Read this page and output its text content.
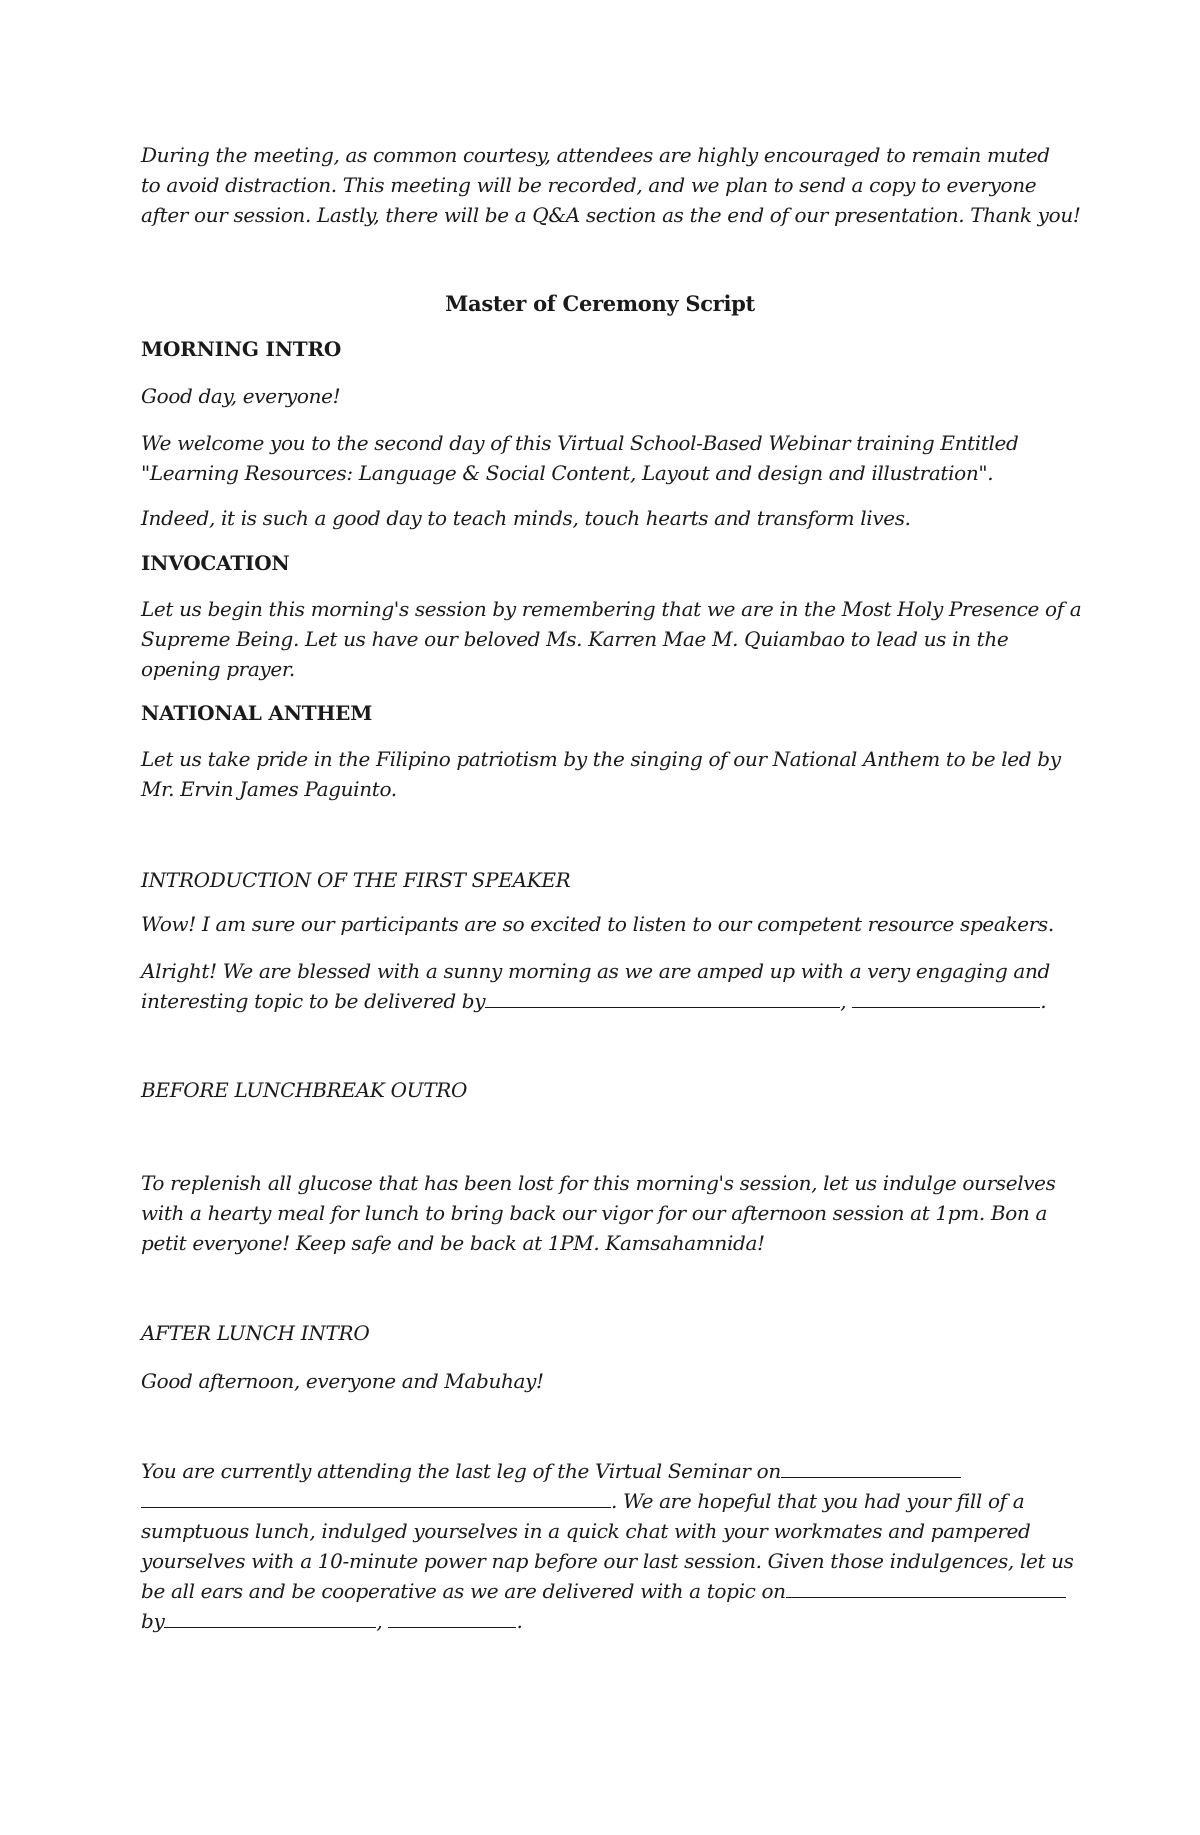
During the meeting, as common courtesy, attendees are highly encouraged to remain muted
to avoid distraction. This meeting will be recorded, and we plan to send a copy to everyone
after our session. Lastly, there will be a Q&A section as the end of our presentation. Thank you!
Master of Ceremony Script
MORNING INTRO
Good day, everyone!
We welcome you to the second day of this Virtual School-Based Webinar training Entitled
"Learning Resources: Language & Social Content, Layout and design and illustration".
Indeed, it is such a good day to teach minds, touch hearts and transform lives.
INVOCATION
Let us begin this morning's session by remembering that we are in the Most Holy Presence of a
Supreme Being. Let us have our beloved Ms. Karren Mae M. Quiambao to lead us in the
opening prayer.
NATIONAL ANTHEM
Let us take pride in the Filipino patriotism by the singing of our National Anthem to be led by
Mr. Ervin James Paguinto.
INTRODUCTION OF THE FIRST SPEAKER
Wow! I am sure our participants are so excited to listen to our competent resource speakers.
Alright! We are blessed with a sunny morning as we are amped up with a very engaging and
interesting topic to be delivered by	,	.
BEFORE LUNCHBREAK OUTRO
To replenish all glucose that has been lost for this morning's session, let us indulge ourselves
with a hearty meal for lunch to bring back our vigor for our afternoon session at 1pm. Bon a
petit everyone! Keep safe and be back at 1PM. Kamsahamnida!
AFTER LUNCH INTRO
Good afternoon, everyone and Mabuhay!
You are currently attending the last leg of the Virtual Seminar on
. We are hopeful that you had your fill of a
sumptuous lunch, indulged yourselves in a quick chat with your workmates and pampered
yourselves with a 10-minute power nap before our last session. Given those indulgences, let us
be all ears and be cooperative as we are delivered with a topic on
by	,	.
